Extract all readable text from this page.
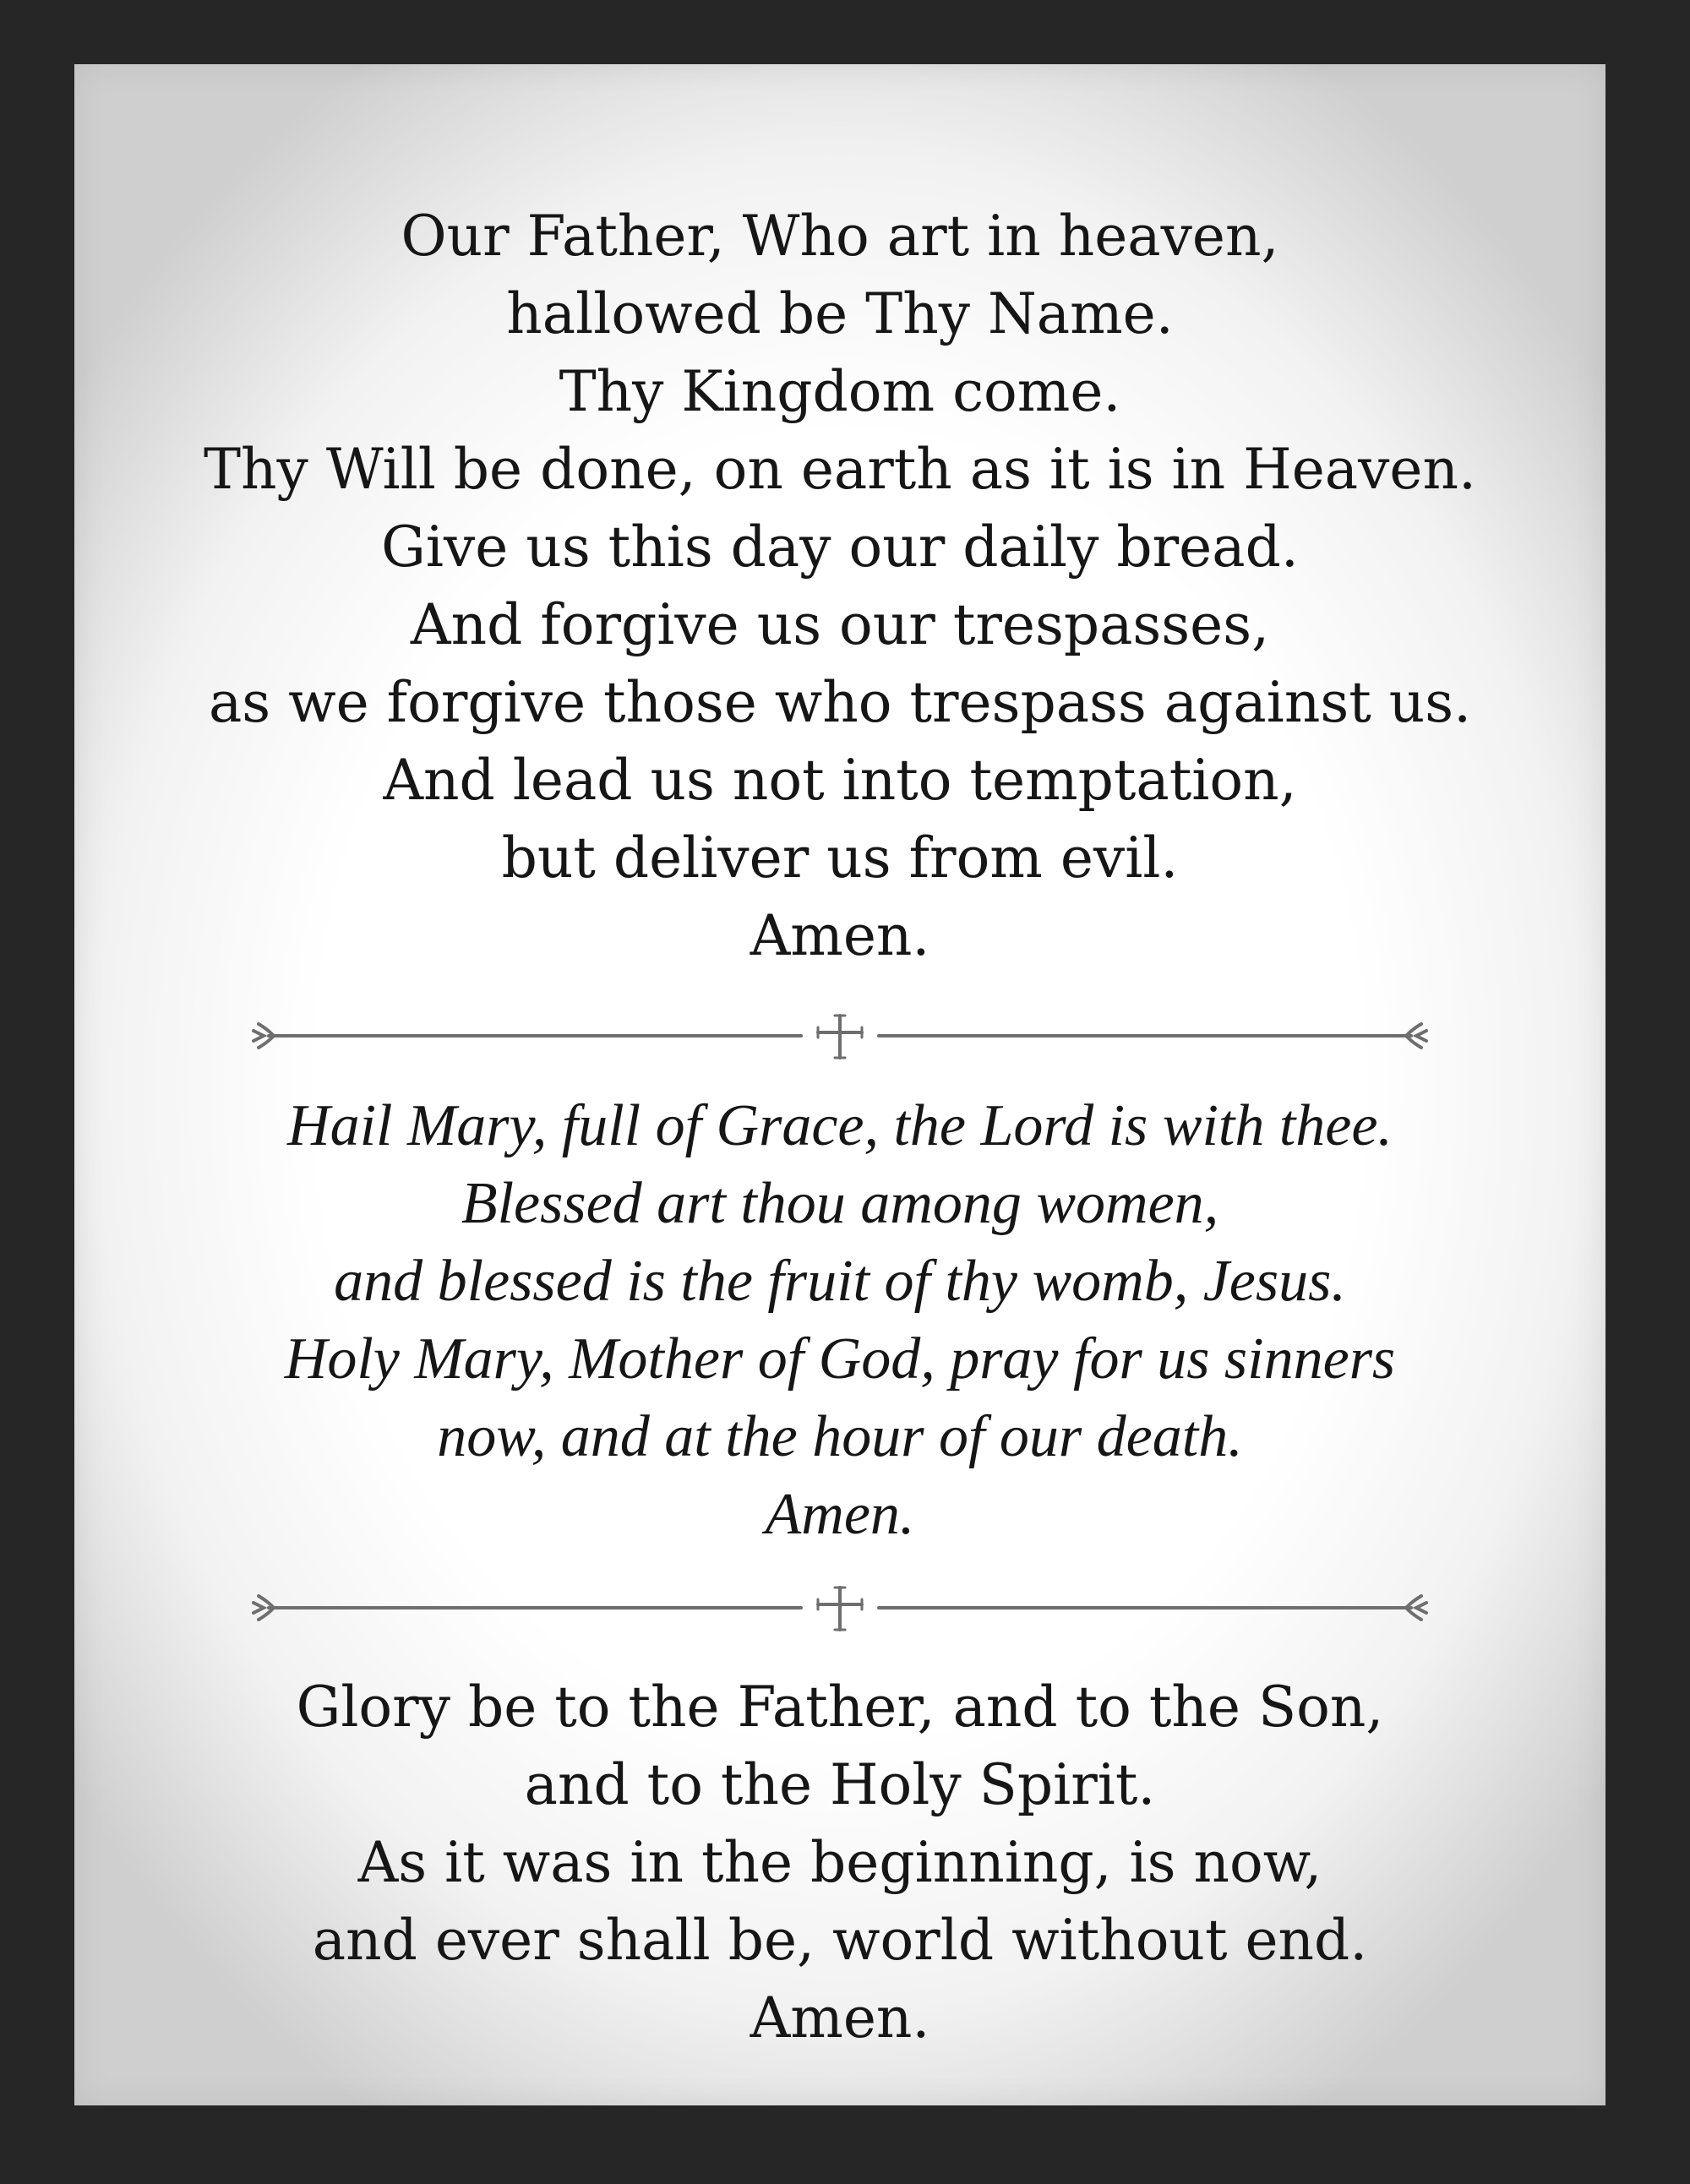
Our Father, Who art in heaven,
hallowed be Thy Name.
Thy Kingdom come.
Thy Will be done, on earth as it is in Heaven.
Give us this day our daily bread.
And forgive us our trespasses,
as we forgive those who trespass against us.
And lead us not into temptation,
but deliver us from evil.
Amen.
Hail Mary, full of Grace, the Lord is with thee.
Blessed art thou among women,
and blessed is the fruit of thy womb, Jesus.
Holy Mary, Mother of God, pray for us sinners
now, and at the hour of our death.
Amen.
Glory be to the Father, and to the Son,
and to the Holy Spirit.
As it was in the beginning, is now,
and ever shall be, world without end.
Amen.
